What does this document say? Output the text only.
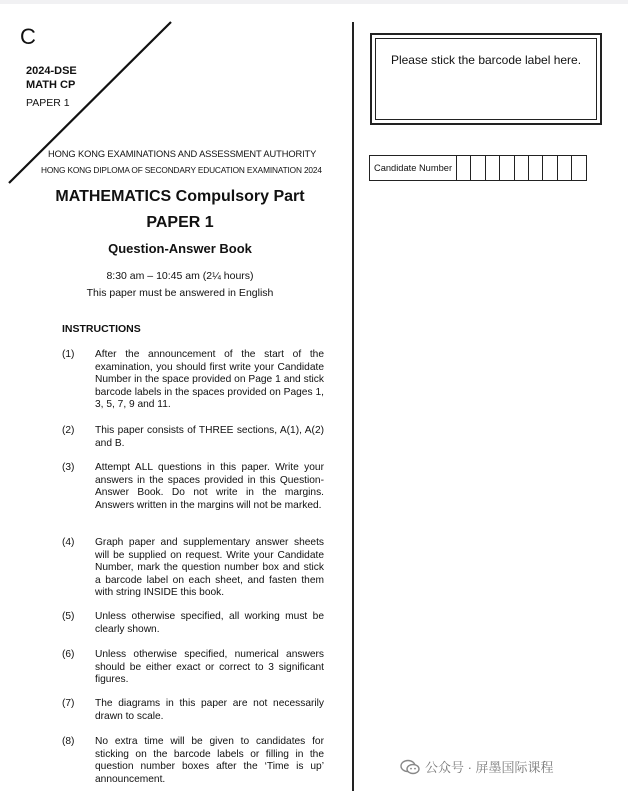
С
2024-DSE
MATH CP
PAPER 1
HONG KONG EXAMINATIONS AND ASSESSMENT AUTHORITY
HONG KONG DIPLOMA OF SECONDARY EDUCATION EXAMINATION 2024
MATHEMATICS Compulsory Part
PAPER 1
Question-Answer Book
8:30 am – 10:45 am (2¼ hours)
This paper must be answered in English
INSTRUCTIONS
(1) After the announcement of the start of the examination, you should first write your Candidate Number in the space provided on Page 1 and stick barcode labels in the spaces provided on Pages 1, 3, 5, 7, 9 and 11.
(2) This paper consists of THREE sections, A(1), A(2) and B.
(3) Attempt ALL questions in this paper. Write your answers in the spaces provided in this Question-Answer Book. Do not write in the margins. Answers written in the margins will not be marked.
(4) Graph paper and supplementary answer sheets will be supplied on request. Write your Candidate Number, mark the question number box and stick a barcode label on each sheet, and fasten them with string INSIDE this book.
(5) Unless otherwise specified, all working must be clearly shown.
(6) Unless otherwise specified, numerical answers should be either exact or correct to 3 significant figures.
(7) The diagrams in this paper are not necessarily drawn to scale.
(8) No extra time will be given to candidates for sticking on the barcode labels or filling in the question number boxes after the ‘Time is up’ announcement.
Please stick the barcode label here.
Candidate Number
公众号 · 屏墨国际课程
